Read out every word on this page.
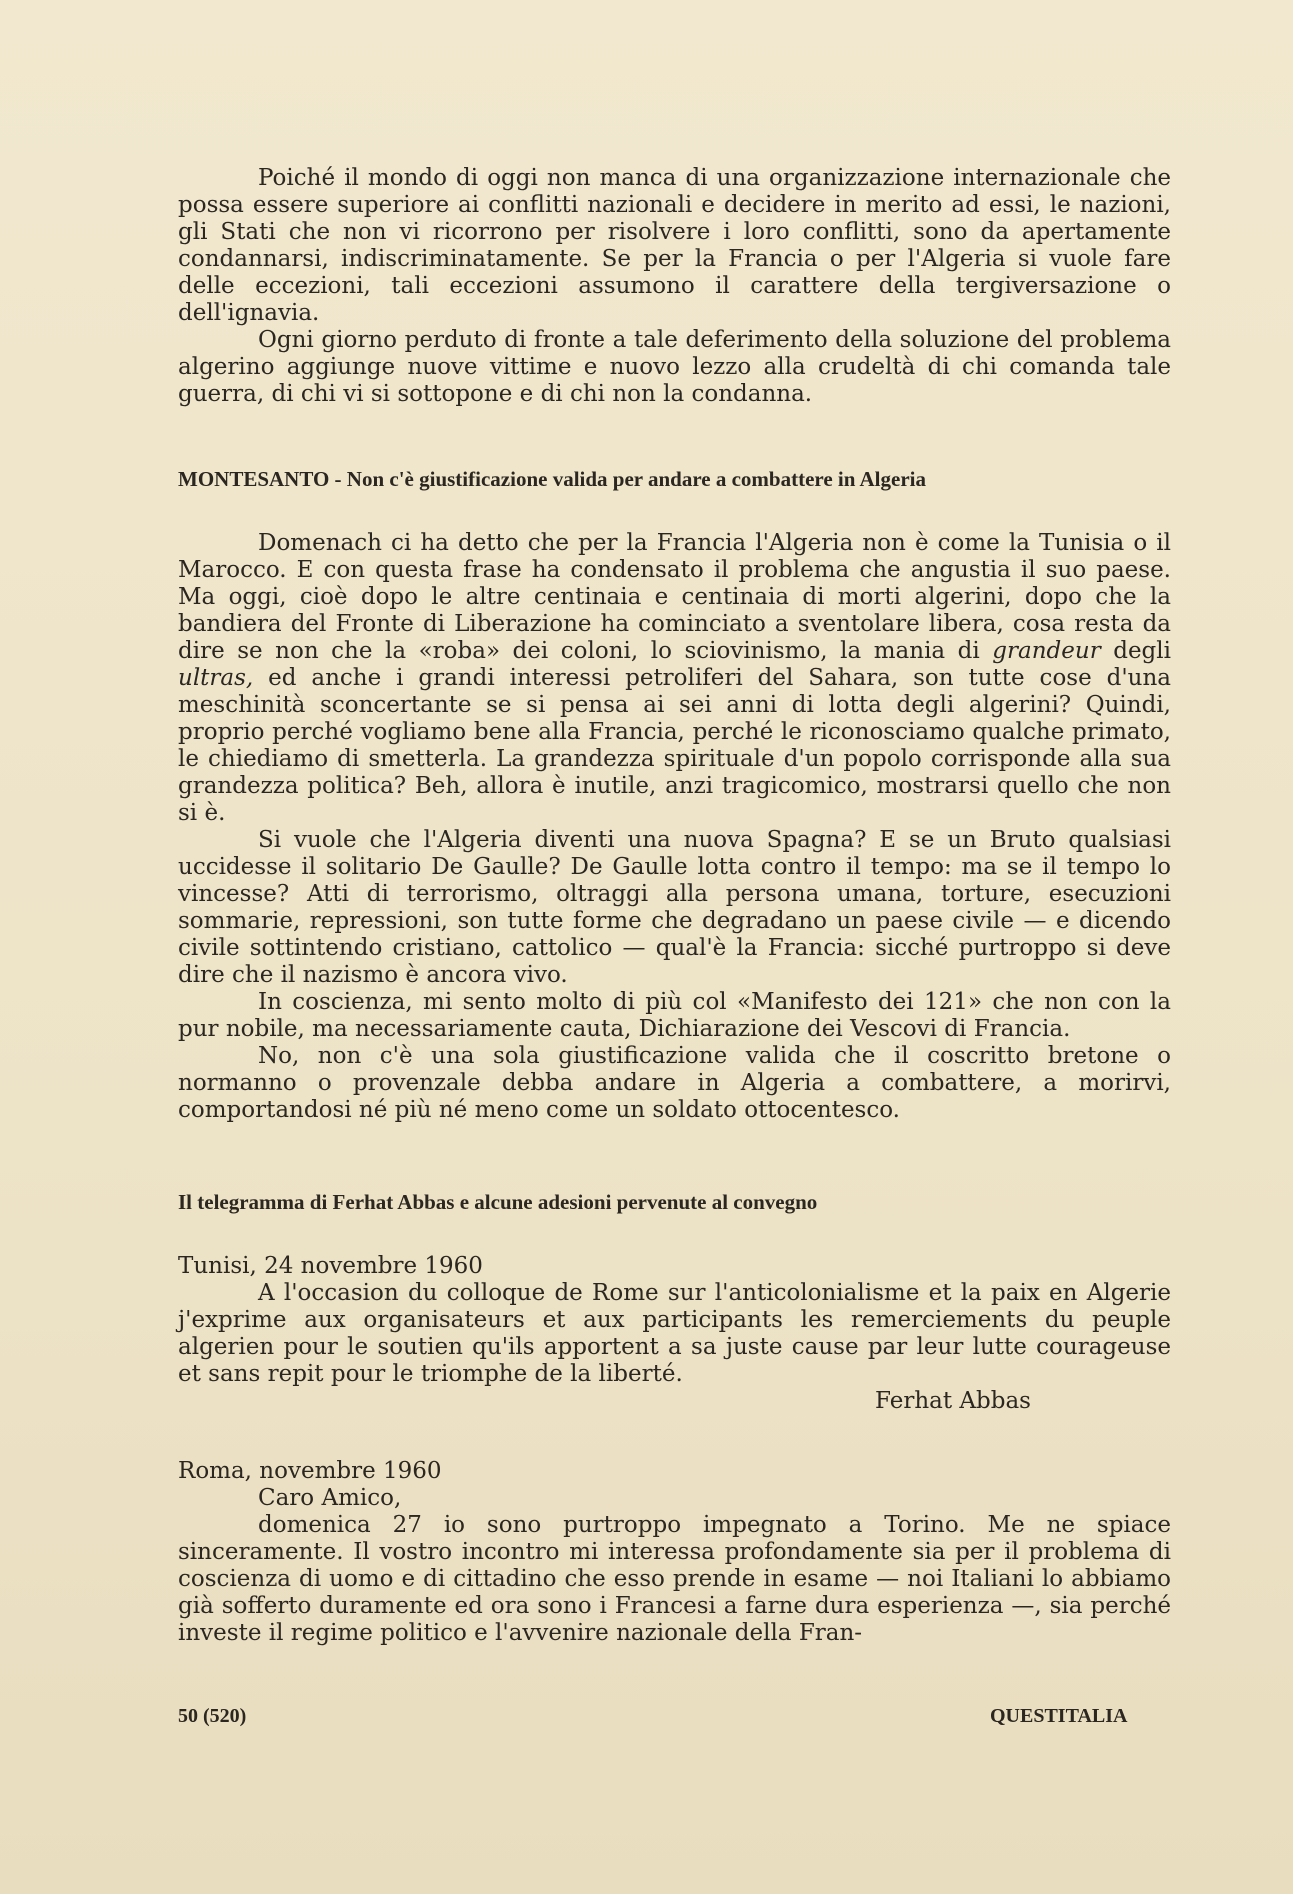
Poiché il mondo di oggi non manca di una organizzazione internazionale che possa essere superiore ai conflitti nazionali e decidere in merito ad essi, le nazioni, gli Stati che non vi ricorrono per risolvere i loro conflitti, sono da apertamente condannarsi, indiscriminatamente. Se per la Francia o per l'Algeria si vuole fare delle eccezioni, tali eccezioni assumono il carattere della tergiversazione o dell'ignavia.

Ogni giorno perduto di fronte a tale deferimento della soluzione del problema algerino aggiunge nuove vittime e nuovo lezzo alla crudeltà di chi comanda tale guerra, di chi vi si sottopone e di chi non la condanna.

MONTESANTO - Non c'è giustificazione valida per andare a combattere in Algeria

Domenach ci ha detto che per la Francia l'Algeria non è come la Tunisia o il Marocco. E con questa frase ha condensato il problema che angustia il suo paese. Ma oggi, cioè dopo le altre centinaia e centinaia di morti algerini, dopo che la bandiera del Fronte di Liberazione ha cominciato a sventolare libera, cosa resta da dire se non che la «roba» dei coloni, lo sciovinismo, la mania di grandeur degli ultras, ed anche i grandi interessi petroliferi del Sahara, son tutte cose d'una meschinità sconcertante se si pensa ai sei anni di lotta degli algerini? Quindi, proprio perché vogliamo bene alla Francia, perché le riconosciamo qualche primato, le chiediamo di smetterla. La grandezza spirituale d'un popolo corrisponde alla sua grandezza politica? Beh, allora è inutile, anzi tragicomico, mostrarsi quello che non si è.

Si vuole che l'Algeria diventi una nuova Spagna? E se un Bruto qualsiasi uccidesse il solitario De Gaulle? De Gaulle lotta contro il tempo: ma se il tempo lo vincesse? Atti di terrorismo, oltraggi alla persona umana, torture, esecuzioni sommarie, repressioni, son tutte forme che degradano un paese civile — e dicendo civile sottintendo cristiano, cattolico — qual'è la Francia: sicché purtroppo si deve dire che il nazismo è ancora vivo.

In coscienza, mi sento molto di più col «Manifesto dei 121» che non con la pur nobile, ma necessariamente cauta, Dichiarazione dei Vescovi di Francia.

No, non c'è una sola giustificazione valida che il coscritto bretone o normanno o provenzale debba andare in Algeria a combattere, a morirvi, comportandosi né più né meno come un soldato ottocentesco.

Il telegramma di Ferhat Abbas e alcune adesioni pervenute al convegno

Tunisi, 24 novembre 1960

A l'occasion du colloque de Rome sur l'anticolonialisme et la paix en Algerie j'exprime aux organisateurs et aux participants les remerciements du peuple algerien pour le soutien qu'ils apportent a sa juste cause par leur lutte courageuse et sans repit pour le triomphe de la liberté.

Ferhat Abbas

Roma, novembre 1960

Caro Amico,

domenica 27 io sono purtroppo impegnato a Torino. Me ne spiace sinceramente. Il vostro incontro mi interessa profondamente sia per il problema di coscienza di uomo e di cittadino che esso prende in esame — noi Italiani lo abbiamo già sofferto duramente ed ora sono i Francesi a farne dura esperienza —, sia perché investe il regime politico e l'avvenire nazionale della Fran-

50 (520)	QUESTITALIA
